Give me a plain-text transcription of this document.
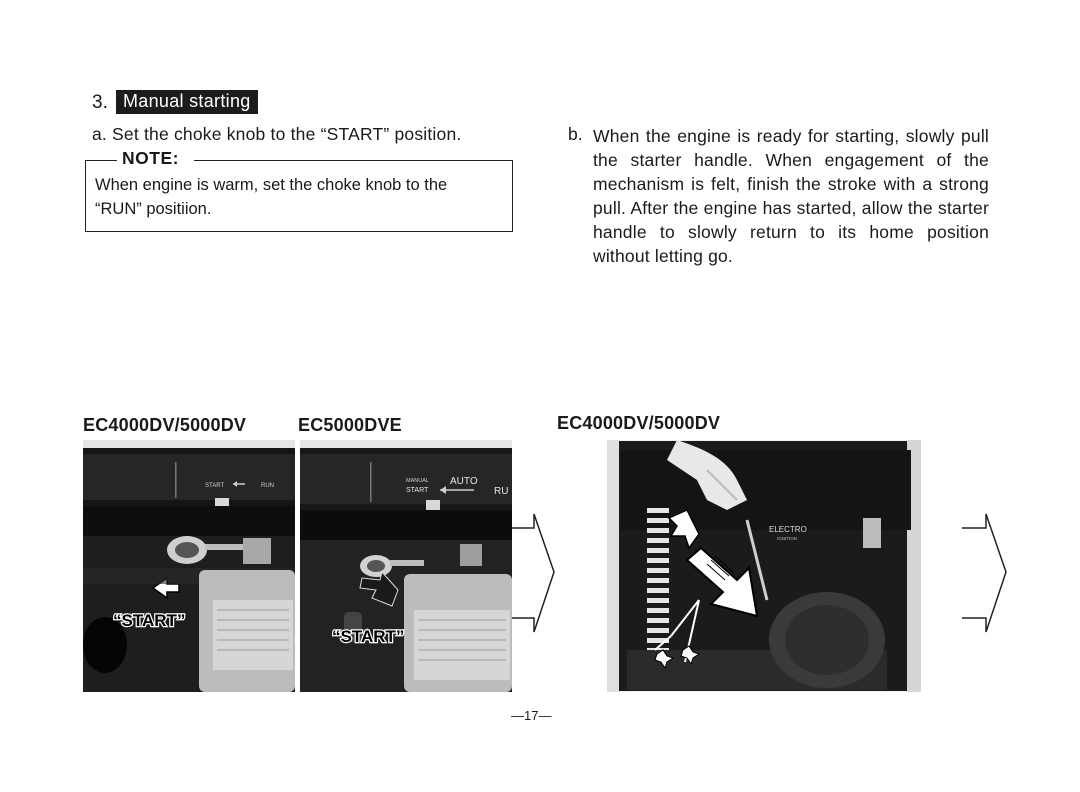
3. Manual starting
a. Set the choke knob to the “START” position.
NOTE:
When engine is warm, set the choke knob to the
“RUN” positiion.
b. When the engine is ready for starting, slowly pull the starter handle. When engagement of the mechanism is felt, finish the stroke with a strong pull. After the engine has started, allow the starter handle to slowly return to its home position without letting go.
EC4000DV/5000DV	EC5000DVE	EC4000DV/5000DV
START	RUN
“START”
MANUAL AUTO
START	RU
“START”
ELECTRO
IGNITION
—17—
